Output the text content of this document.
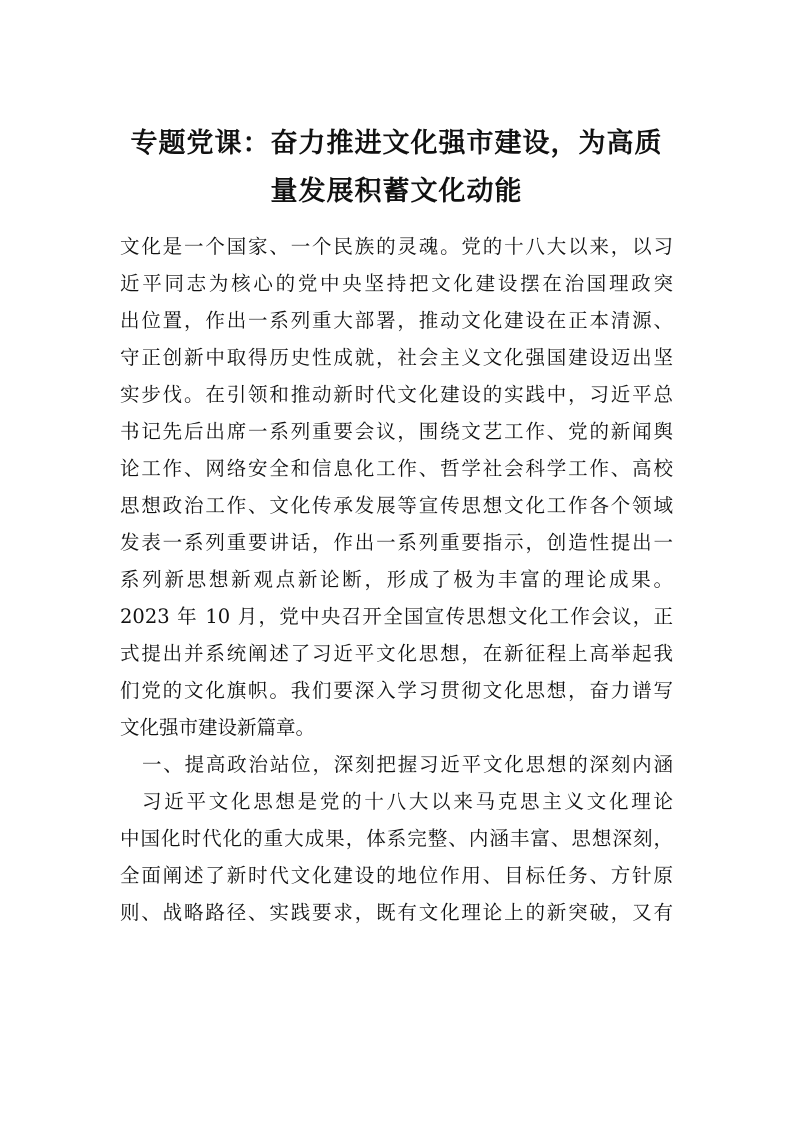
专题党课：奋力推进文化强市建设，为高质
量发展积蓄文化动能
文化是一个国家、一个民族的灵魂。党的十八大以来，以习
近平同志为核心的党中央坚持把文化建设摆在治国理政突
出位置，作出一系列重大部署，推动文化建设在正本清源、
守正创新中取得历史性成就，社会主义文化强国建设迈出坚
实步伐。在引领和推动新时代文化建设的实践中，习近平总
书记先后出席一系列重要会议，围绕文艺工作、党的新闻舆
论工作、网络安全和信息化工作、哲学社会科学工作、高校
思想政治工作、文化传承发展等宣传思想文化工作各个领域
发表一系列重要讲话，作出一系列重要指示，创造性提出一
系列新思想新观点新论断，形成了极为丰富的理论成果。
2023 年 10 月，党中央召开全国宣传思想文化工作会议，正
式提出并系统阐述了习近平文化思想，在新征程上高举起我
们党的文化旗帜。我们要深入学习贯彻文化思想，奋力谱写
文化强市建设新篇章。
一、提高政治站位，深刻把握习近平文化思想的深刻内涵
习近平文化思想是党的十八大以来马克思主义文化理论
中国化时代化的重大成果，体系完整、内涵丰富、思想深刻，
全面阐述了新时代文化建设的地位作用、目标任务、方针原
则、战略路径、实践要求，既有文化理论上的新突破，又有
